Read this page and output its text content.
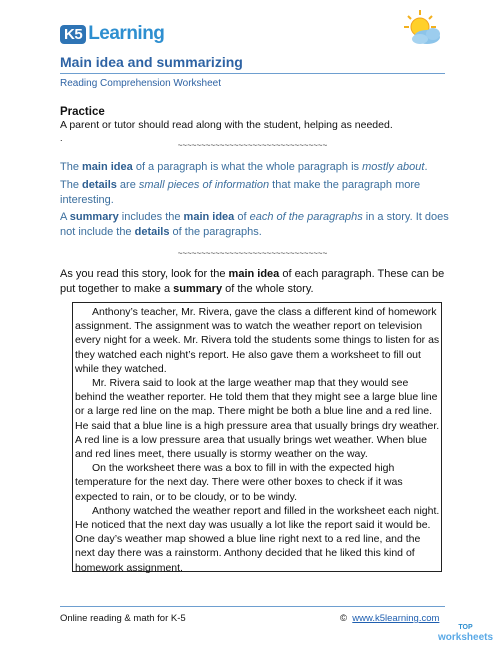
K5 Learning
Main idea and summarizing
Reading Comprehension Worksheet
Practice
A parent or tutor should read along with the student, helping as needed.
.
~~~~~~~~~~~~~~~~~~~~~~~~~~~~~~~~
The main idea of a paragraph is what the whole paragraph is mostly about.
The details are small pieces of information that make the paragraph more interesting.
A summary includes the main idea of each of the paragraphs in a story. It does not include the details of the paragraphs.
~~~~~~~~~~~~~~~~~~~~~~~~~~~~~~~~
As you read this story, look for the main idea of each paragraph. These can be put together to make a summary of the whole story.

Anthony’s teacher, Mr. Rivera, gave the class a different kind of homework assignment. The assignment was to watch the weather report on television every night for a week. Mr. Rivera told the students some things to listen for as they watched each night’s report. He also gave them a worksheet to fill out while they watched.

Mr. Rivera said to look at the large weather map that they would see behind the weather reporter. He told them that they might see a large blue line or a large red line on the map. There might be both a blue line and a red line. He said that a blue line is a high pressure area that usually brings dry weather. A red line is a low pressure area that usually brings wet weather. When blue and red lines meet, there usually is stormy weather on the way.

On the worksheet there was a box to fill in with the expected high temperature for the next day. There were other boxes to check if it was expected to rain, or to be cloudy, or to be windy.

Anthony watched the weather report and filled in the worksheet each night. He noticed that the next day was usually a lot like the report said it would be. One day’s weather map showed a blue line right next to a red line, and the next day there was a rainstorm. Anthony decided that he liked this kind of homework assignment.

Online reading & math for K-5	© www.k5learning.com
TOP
worksheets
